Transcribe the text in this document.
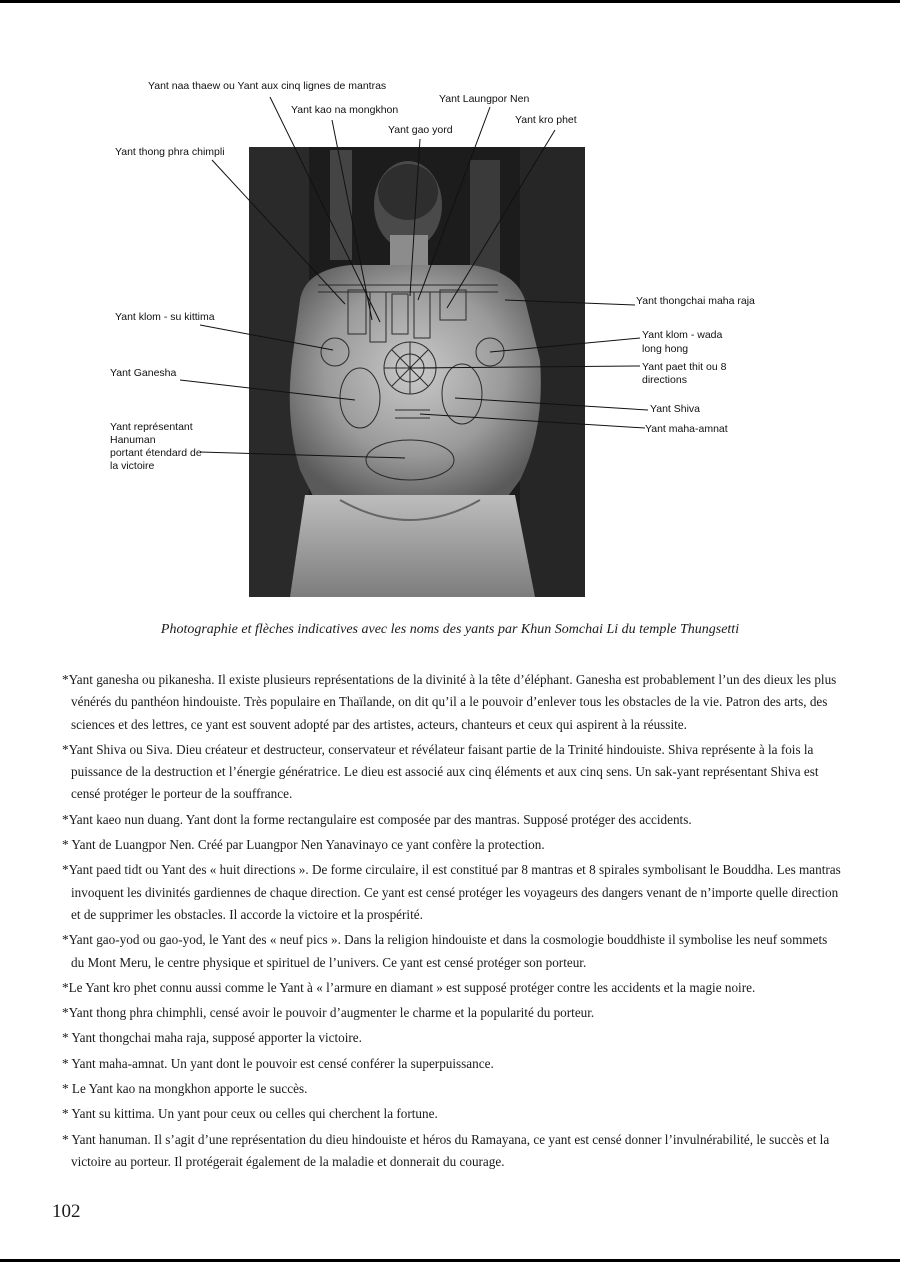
Yant naa thaew ou Yant aux cinq lignes de mantras
Yant kao na mongkhon
Yant Laungpor Nen
Yant gao yord
Yant kro phet
Yant thong phra chimpli
Yant thongchai maha raja
Yant klom - su kittima
Yant klom - wada
long hong
Yant paet thit ou 8
directions
Yant Ganesha
Yant Shiva
Yant maha-amnat
Yant représentant
Hanuman
portant étendard de
la victoire
Photographie et flèches indicatives avec les noms des yants par Khun Somchai Li du temple Thungsetti

*Yant ganesha ou pikanesha. Il existe plusieurs représentations de la divinité à la tête d’éléphant. Ganesha est probablement l’un des dieux les plus vénérés du panthéon hindouiste. Très populaire en Thaïlande, on dit qu’il a le pouvoir d’enlever tous les obstacles de la vie. Patron des arts, des sciences et des lettres, ce yant est souvent adopté par des artistes, acteurs, chanteurs et ceux qui aspirent à la réussite.

*Yant Shiva ou Siva. Dieu créateur et destructeur, conservateur et révélateur faisant partie de la Trinité hindouiste. Shiva représente à la fois la puissance de la destruction et l’énergie génératrice. Le dieu est associé aux cinq éléments et aux cinq sens. Un sak-yant représentant Shiva est censé protéger le porteur de la souffrance.

*Yant kaeo nun duang. Yant dont la forme rectangulaire est composée par des mantras. Supposé protéger des accidents.

* Yant de Luangpor Nen. Créé par Luangpor Nen Yanavinayo ce yant confère la protection.

*Yant paed tidt ou Yant des « huit directions ». De forme circulaire, il est constitué par 8 mantras et 8 spirales symbolisant le Bouddha. Les mantras invoquent les divinités gardiennes de chaque direction. Ce yant est censé protéger les voyageurs des dangers venant de n’importe quelle direction et de supprimer les obstacles. Il accorde la victoire et la prospérité.

*Yant gao-yod ou gao-yod, le Yant des « neuf pics ». Dans la religion hindouiste et dans la cosmologie bouddhiste il symbolise les neuf sommets du Mont Meru, le centre physique et spirituel de l’univers. Ce yant est censé protéger son porteur.

*Le Yant kro phet connu aussi comme le Yant à « l’armure en diamant » est supposé protéger contre les accidents et la magie noire.

*Yant thong phra chimphli, censé avoir le pouvoir d’augmenter le charme et la popularité du porteur.

* Yant thongchai maha raja, supposé apporter la victoire.

* Yant maha-amnat. Un yant dont le pouvoir est censé conférer la superpuissance.

* Le Yant kao na mongkhon apporte le succès.

* Yant su kittima. Un yant pour ceux ou celles qui cherchent la fortune.

* Yant hanuman. Il s’agit d’une représentation du dieu hindouiste et héros du Ramayana, ce yant est censé donner l’invulnérabilité, le succès et la victoire au porteur. Il protégerait également de la maladie et donnerait du courage.

102
